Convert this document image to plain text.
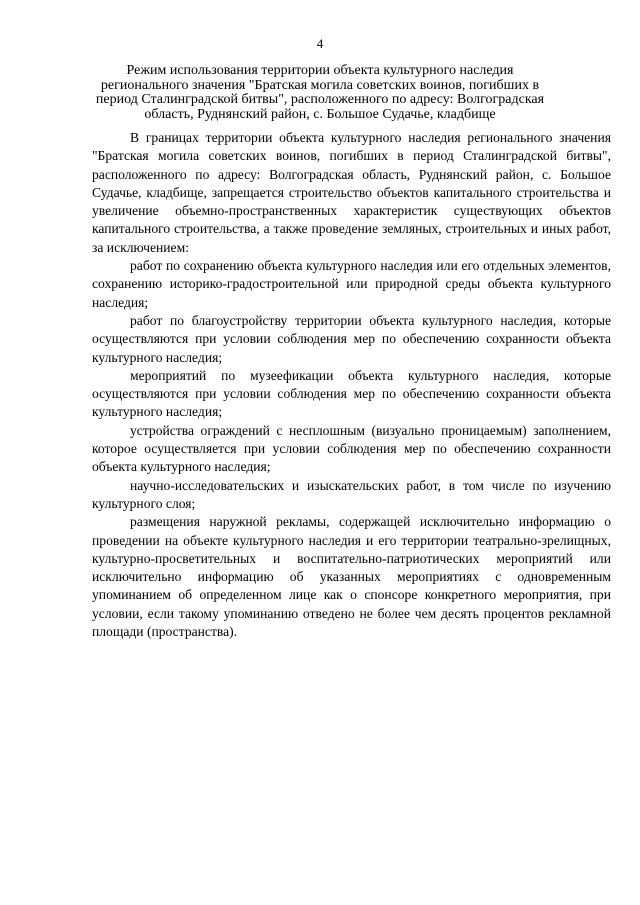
4
Режим использования территории объекта культурного наследия регионального значения "Братская могила советских воинов, погибших в период Сталинградской битвы", расположенного по адресу: Волгоградская область, Руднянский район, с. Большое Судачье, кладбище

В границах территории объекта культурного наследия регионального значения "Братская могила советских воинов, погибших в период Сталинградской битвы", расположенного по адресу: Волгоградская область, Руднянский район, с. Большое Судачье, кладбище, запрещается строительство объектов капитального строительства и увеличение объемно-пространственных характеристик существующих объектов капитального строительства, а также проведение земляных, строительных и иных работ, за исключением:

работ по сохранению объекта культурного наследия или его отдельных элементов, сохранению историко-градостроительной или природной среды объекта культурного наследия;
работ по благоустройству территории объекта культурного наследия, которые осуществляются при условии соблюдения мер по обеспечению сохранности объекта культурного наследия;
мероприятий по музеефикации объекта культурного наследия, которые осуществляются при условии соблюдения мер по обеспечению сохранности объекта культурного наследия;
устройства ограждений с несплошным (визуально проницаемым) заполнением, которое осуществляется при условии соблюдения мер по обеспечению сохранности объекта культурного наследия;
научно-исследовательских и изыскательских работ, в том числе по изучению культурного слоя;
размещения наружной рекламы, содержащей исключительно информацию о проведении на объекте культурного наследия и его территории театрально-зрелищных, культурно-просветительных и воспитательно-патриотических мероприятий или исключительно информацию об указанных мероприятиях с одновременным упоминанием об определенном лице как о спонсоре конкретного мероприятия, при условии, если такому упоминанию отведено не более чем десять процентов рекламной площади (пространства).
